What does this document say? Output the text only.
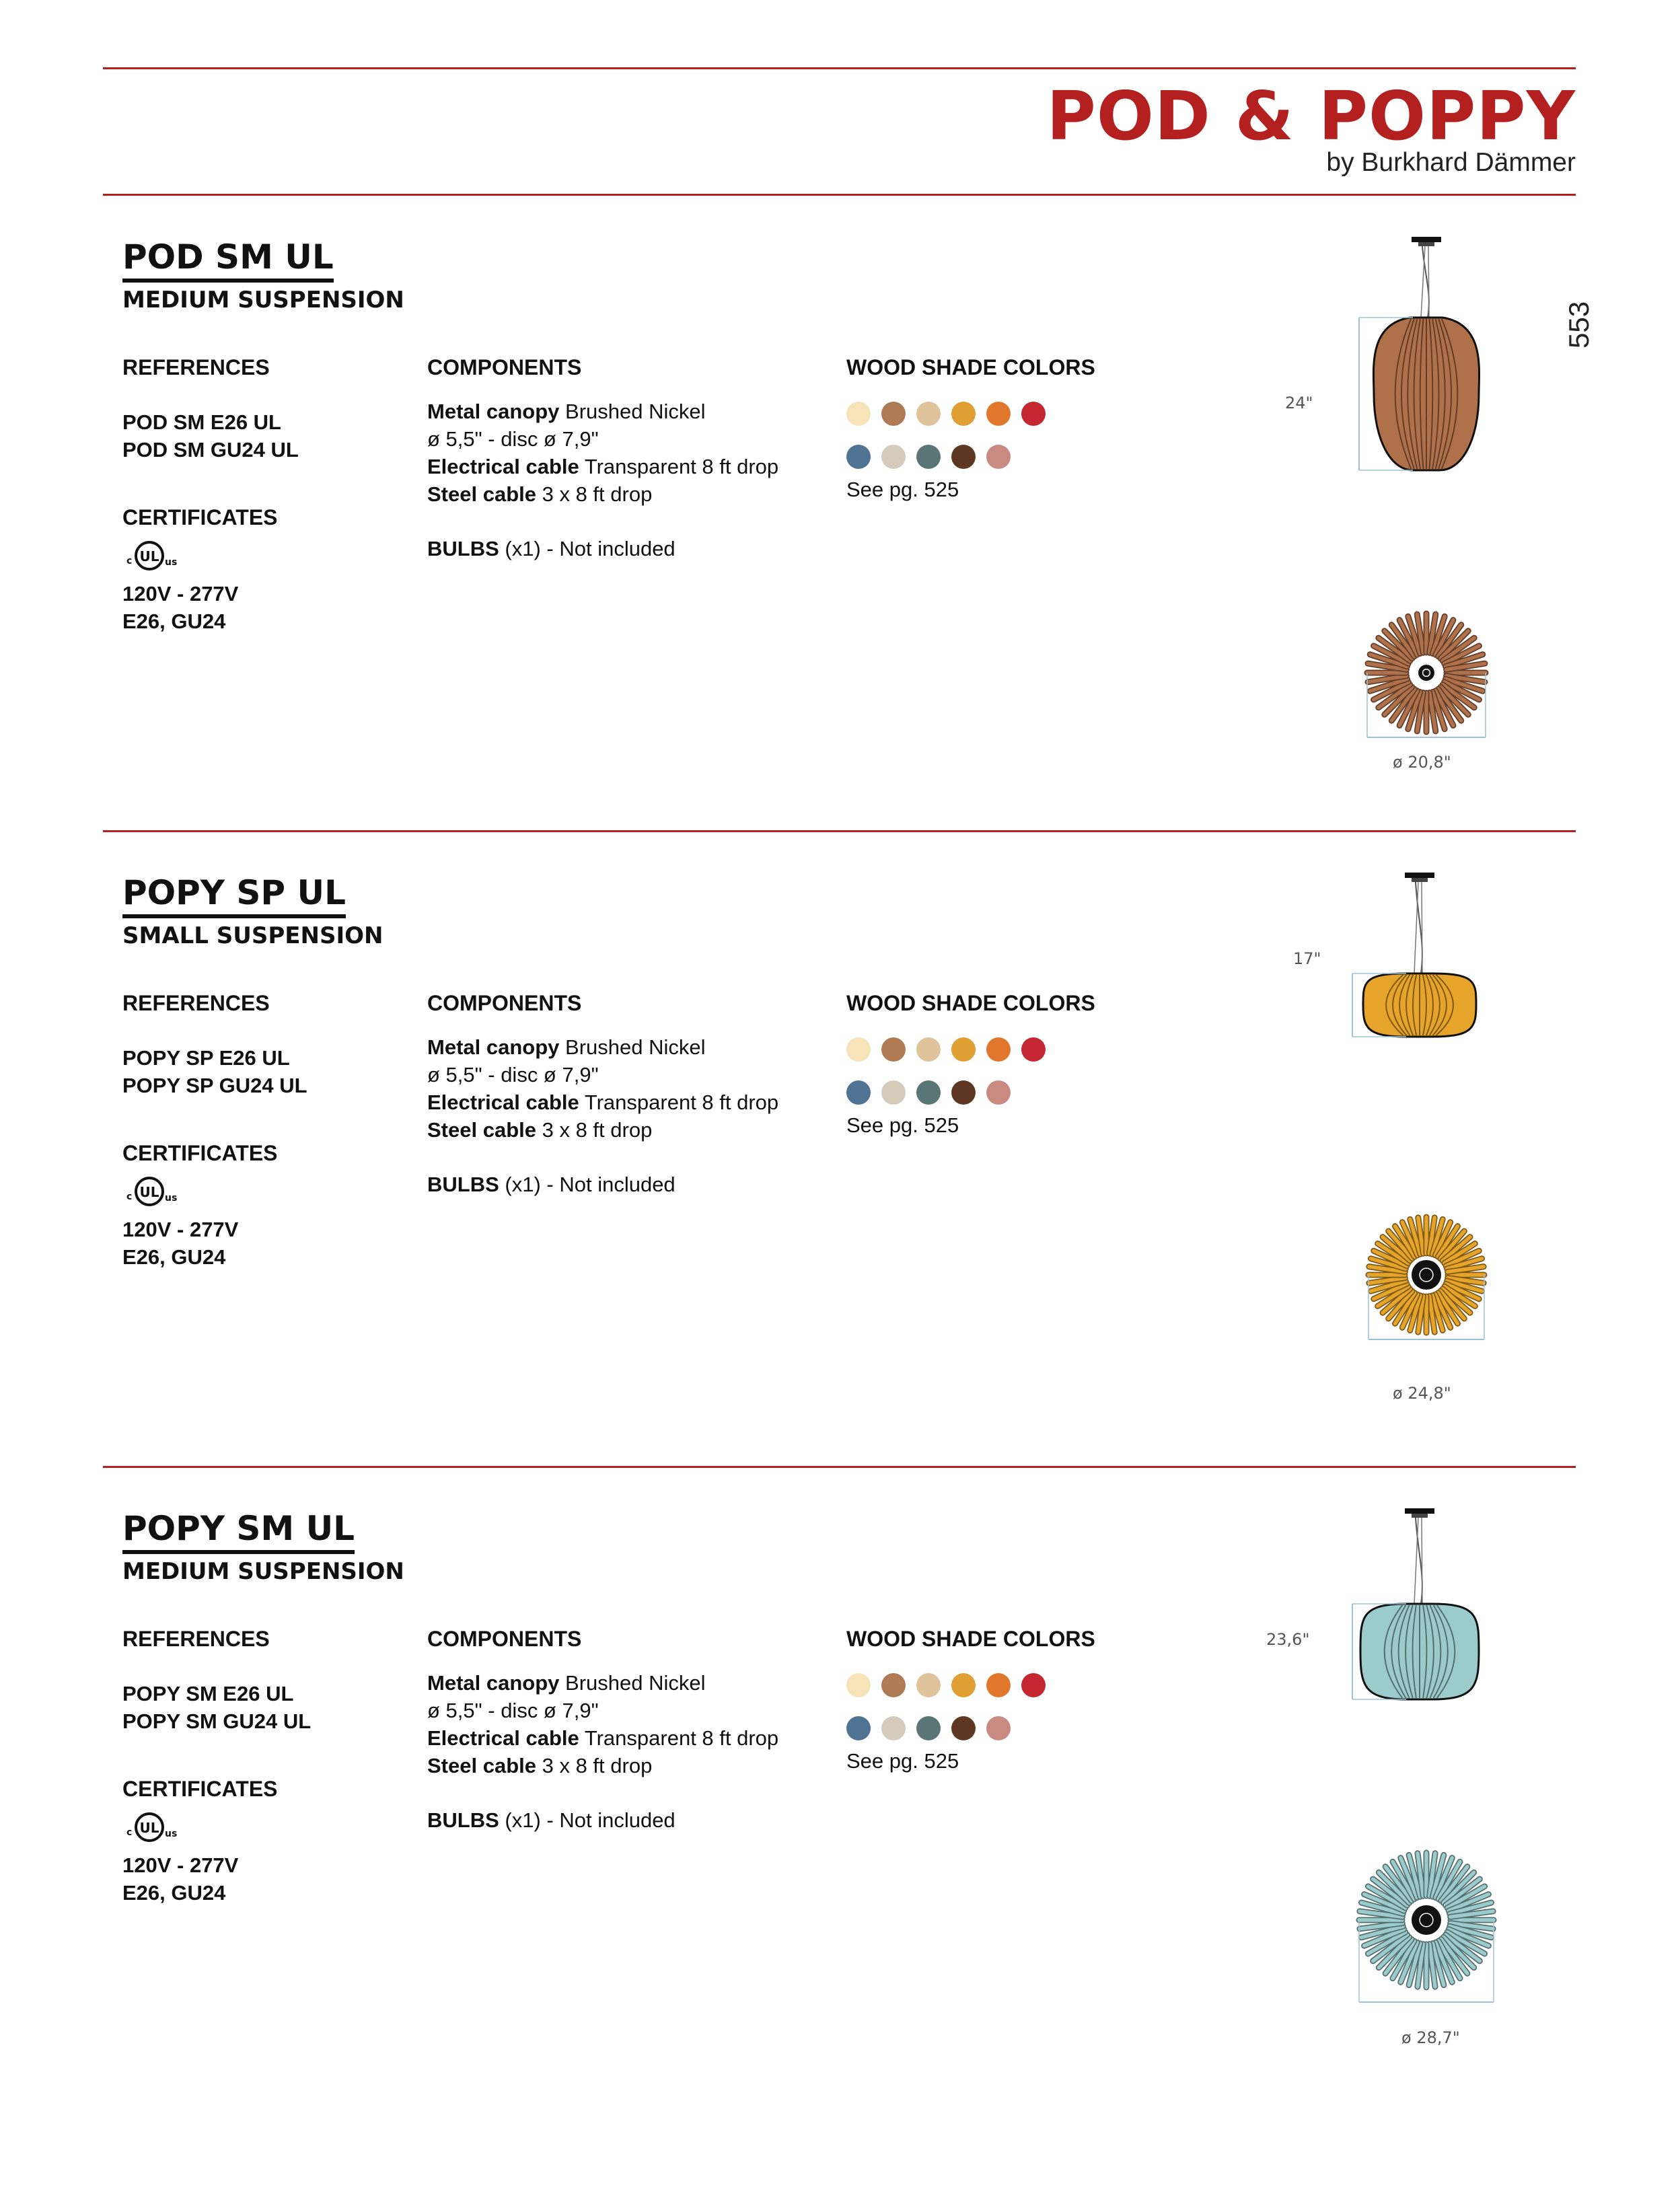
POD & POPPY
by Burkhard Dämmer
553
POD SM UL
MEDIUM SUSPENSION
REFERENCES
POD SM E26 UL
POD SM GU24 UL
CERTIFICATES
UL
c	us
120V - 277V
E26, GU24
COMPONENTS
Metal canopy Brushed Nickel
ø 5,5" - disc ø 7,9"
Electrical cable Transparent 8 ft drop
Steel cable 3 x 8 ft drop
BULBS (x1) - Not included
WOOD SHADE COLORS
See pg. 525
24"
ø 20,8"
POPY SP UL
SMALL SUSPENSION
REFERENCES
POPY SP E26 UL
POPY SP GU24 UL
CERTIFICATES
UL
c	us
120V - 277V
E26, GU24
COMPONENTS
Metal canopy Brushed Nickel
ø 5,5" - disc ø 7,9"
Electrical cable Transparent 8 ft drop
Steel cable 3 x 8 ft drop
BULBS (x1) - Not included
WOOD SHADE COLORS
See pg. 525
17"
ø 24,8"
POPY SM UL
MEDIUM SUSPENSION
REFERENCES
POPY SM E26 UL
POPY SM GU24 UL
CERTIFICATES
UL
c	us
120V - 277V
E26, GU24
COMPONENTS
Metal canopy Brushed Nickel
ø 5,5" - disc ø 7,9"
Electrical cable Transparent 8 ft drop
Steel cable 3 x 8 ft drop
BULBS (x1) - Not included
WOOD SHADE COLORS
See pg. 525
23,6"
ø 28,7"
